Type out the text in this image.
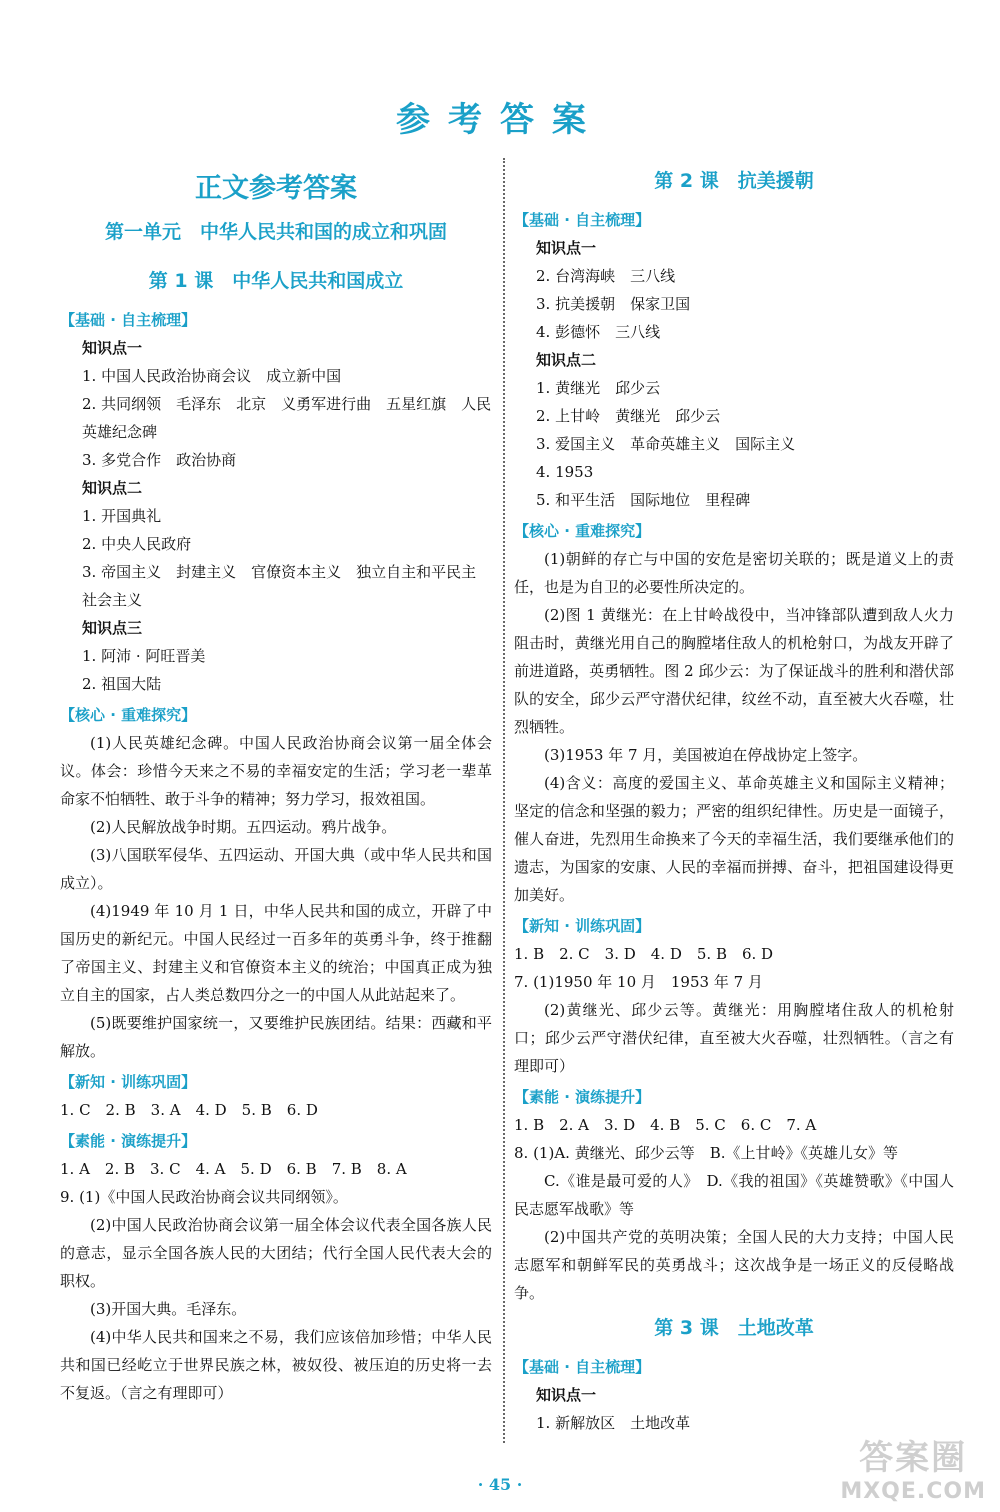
参考答案
正文参考答案
第一单元　中华人民共和国的成立和巩固
第 1 课　中华人民共和国成立
【基础 · 自主梳理】
知识点一
1. 中国人民政治协商会议　成立新中国
2. 共同纲领　毛泽东　北京　义勇军进行曲　五星红旗　人民英雄纪念碑
3. 多党合作　政治协商
知识点二
1. 开国典礼
2. 中央人民政府
3. 帝国主义　封建主义　官僚资本主义　独立自主和平民主　社会主义
知识点三
1. 阿沛 · 阿旺晋美
2. 祖国大陆
【核心 · 重难探究】
(1)人民英雄纪念碑。中国人民政治协商会议第一届全体会议。体会：珍惜今天来之不易的幸福安定的生活；学习老一辈革命家不怕牺牲、敢于斗争的精神；努力学习，报效祖国。
(2)人民解放战争时期。五四运动。鸦片战争。
(3)八国联军侵华、五四运动、开国大典（或中华人民共和国成立）。
(4)1949 年 10 月 1 日，中华人民共和国的成立，开辟了中国历史的新纪元。中国人民经过一百多年的英勇斗争，终于推翻了帝国主义、封建主义和官僚资本主义的统治；中国真正成为独立自主的国家，占人类总数四分之一的中国人从此站起来了。
(5)既要维护国家统一，又要维护民族团结。结果：西藏和平解放。
【新知 · 训练巩固】
1. C　2. B　3. A　4. D　5. B　6. D
【素能 · 演练提升】
1. A　2. B　3. C　4. A　5. D　6. B　7. B　8. A
9. (1)《中国人民政治协商会议共同纲领》。
(2)中国人民政治协商会议第一届全体会议代表全国各族人民的意志，显示全国各族人民的大团结；代行全国人民代表大会的职权。
(3)开国大典。毛泽东。
(4)中华人民共和国来之不易，我们应该倍加珍惜；中华人民共和国已经屹立于世界民族之林，被奴役、被压迫的历史将一去不复返。（言之有理即可）
第 2 课　抗美援朝
【基础 · 自主梳理】
知识点一
2. 台湾海峡　三八线
3. 抗美援朝　保家卫国
4. 彭德怀　三八线
知识点二
1. 黄继光　邱少云
2. 上甘岭　黄继光　邱少云
3. 爱国主义　革命英雄主义　国际主义
4. 1953
5. 和平生活　国际地位　里程碑
【核心 · 重难探究】
(1)朝鲜的存亡与中国的安危是密切关联的；既是道义上的责任，也是为自卫的必要性所决定的。
(2)图 1 黄继光：在上甘岭战役中，当冲锋部队遭到敌人火力阻击时，黄继光用自己的胸膛堵住敌人的机枪射口，为战友开辟了前进道路，英勇牺牲。图 2 邱少云：为了保证战斗的胜利和潜伏部队的安全，邱少云严守潜伏纪律，纹丝不动，直至被大火吞噬，壮烈牺牲。
(3)1953 年 7 月，美国被迫在停战协定上签字。
(4)含义：高度的爱国主义、革命英雄主义和国际主义精神；坚定的信念和坚强的毅力；严密的组织纪律性。历史是一面镜子，催人奋进，先烈用生命换来了今天的幸福生活，我们要继承他们的遗志，为国家的安康、人民的幸福而拼搏、奋斗，把祖国建设得更加美好。
【新知 · 训练巩固】
1. B　2. C　3. D　4. D　5. B　6. D
7. (1)1950 年 10 月　1953 年 7 月
(2)黄继光、邱少云等。黄继光：用胸膛堵住敌人的机枪射口；邱少云严守潜伏纪律，直至被大火吞噬，壮烈牺牲。（言之有理即可）
【素能 · 演练提升】
1. B　2. A　3. D　4. B　5. C　6. C　7. A
8. (1)A. 黄继光、邱少云等　B.《上甘岭》《英雄儿女》等
C.《谁是最可爱的人》　D.《我的祖国》《英雄赞歌》《中国人民志愿军战歌》等
(2)中国共产党的英明决策；全国人民的大力支持；中国人民志愿军和朝鲜军民的英勇战斗；这次战争是一场正义的反侵略战争。
第 3 课　土地改革
【基础 · 自主梳理】
知识点一
1. 新解放区　土地改革
· 45 ·
答案圈
MXQE.COM
